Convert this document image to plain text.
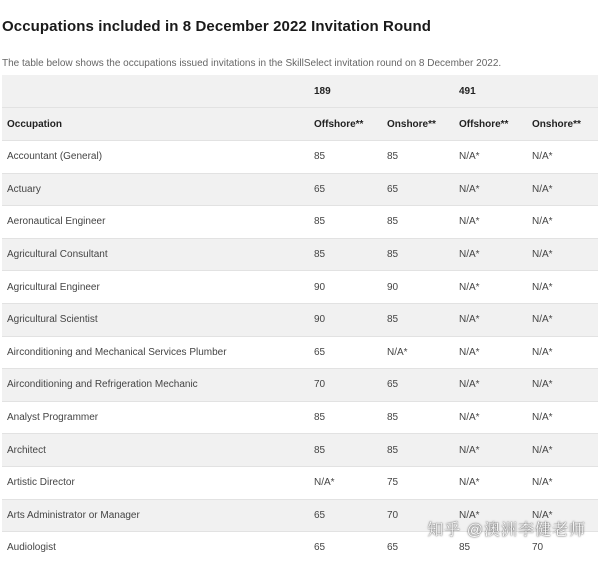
Occupations included in 8 December 2022 Invitation Round

The table below shows the occupations issued invitations in the SkillSelect invitation round on 8 December 2022.

	189		491	
Occupation	Offshore**	Onshore**	Offshore**	Onshore**
Accountant (General)	85	85	N/A*	N/A*
Actuary	65	65	N/A*	N/A*
Aeronautical Engineer	85	85	N/A*	N/A*
Agricultural Consultant	85	85	N/A*	N/A*
Agricultural Engineer	90	90	N/A*	N/A*
Agricultural Scientist	90	85	N/A*	N/A*
Airconditioning and Mechanical Services Plumber	65	N/A*	N/A*	N/A*
Airconditioning and Refrigeration Mechanic	70	65	N/A*	N/A*
Analyst Programmer	85	85	N/A*	N/A*
Architect	85	85	N/A*	N/A*
Artistic Director	N/A*	75	N/A*	N/A*
Arts Administrator or Manager	65	70	N/A*	N/A*
Audiologist	65	65	85	70
知乎 @澳洲李健老师
